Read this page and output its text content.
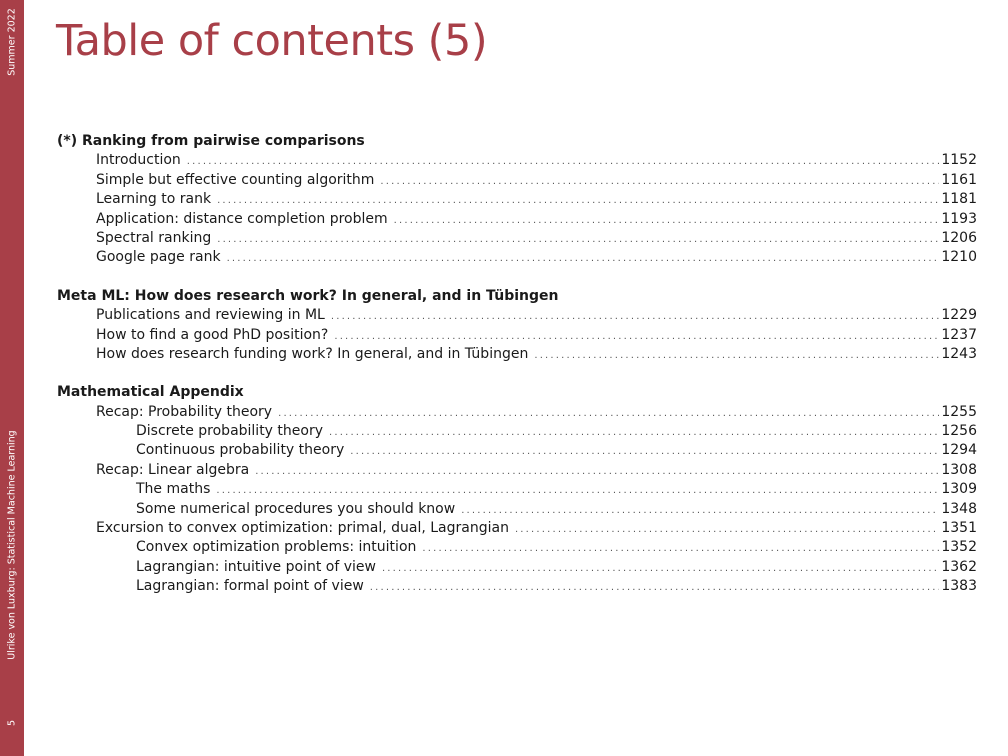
Summer 2022
Ulrike von Luxburg: Statistical Machine Learning
5
Table of contents (5)
(*) Ranking from pairwise comparisons
Introduction . . .	1152
Simple but effective counting algorithm . . .	1161
Learning to rank . . .	1181
Application: distance completion problem . . .	1193
Spectral ranking . . .	1206
Google page rank . . .	1210
Meta ML: How does research work? In general, and in Tübingen
Publications and reviewing in ML . . .	1229
How to find a good PhD position? . . .	1237
How does research funding work? In general, and in Tübingen . . .	1243
Mathematical Appendix
Recap: Probability theory . . .	1255
Discrete probability theory . . .	1256
Continuous probability theory . . .	1294
Recap: Linear algebra . . .	1308
The maths . . .	1309
Some numerical procedures you should know . . .	1348
Excursion to convex optimization: primal, dual, Lagrangian . . .	1351
Convex optimization problems: intuition . . .	1352
Lagrangian: intuitive point of view . . .	1362
Lagrangian: formal point of view . . .	1383
